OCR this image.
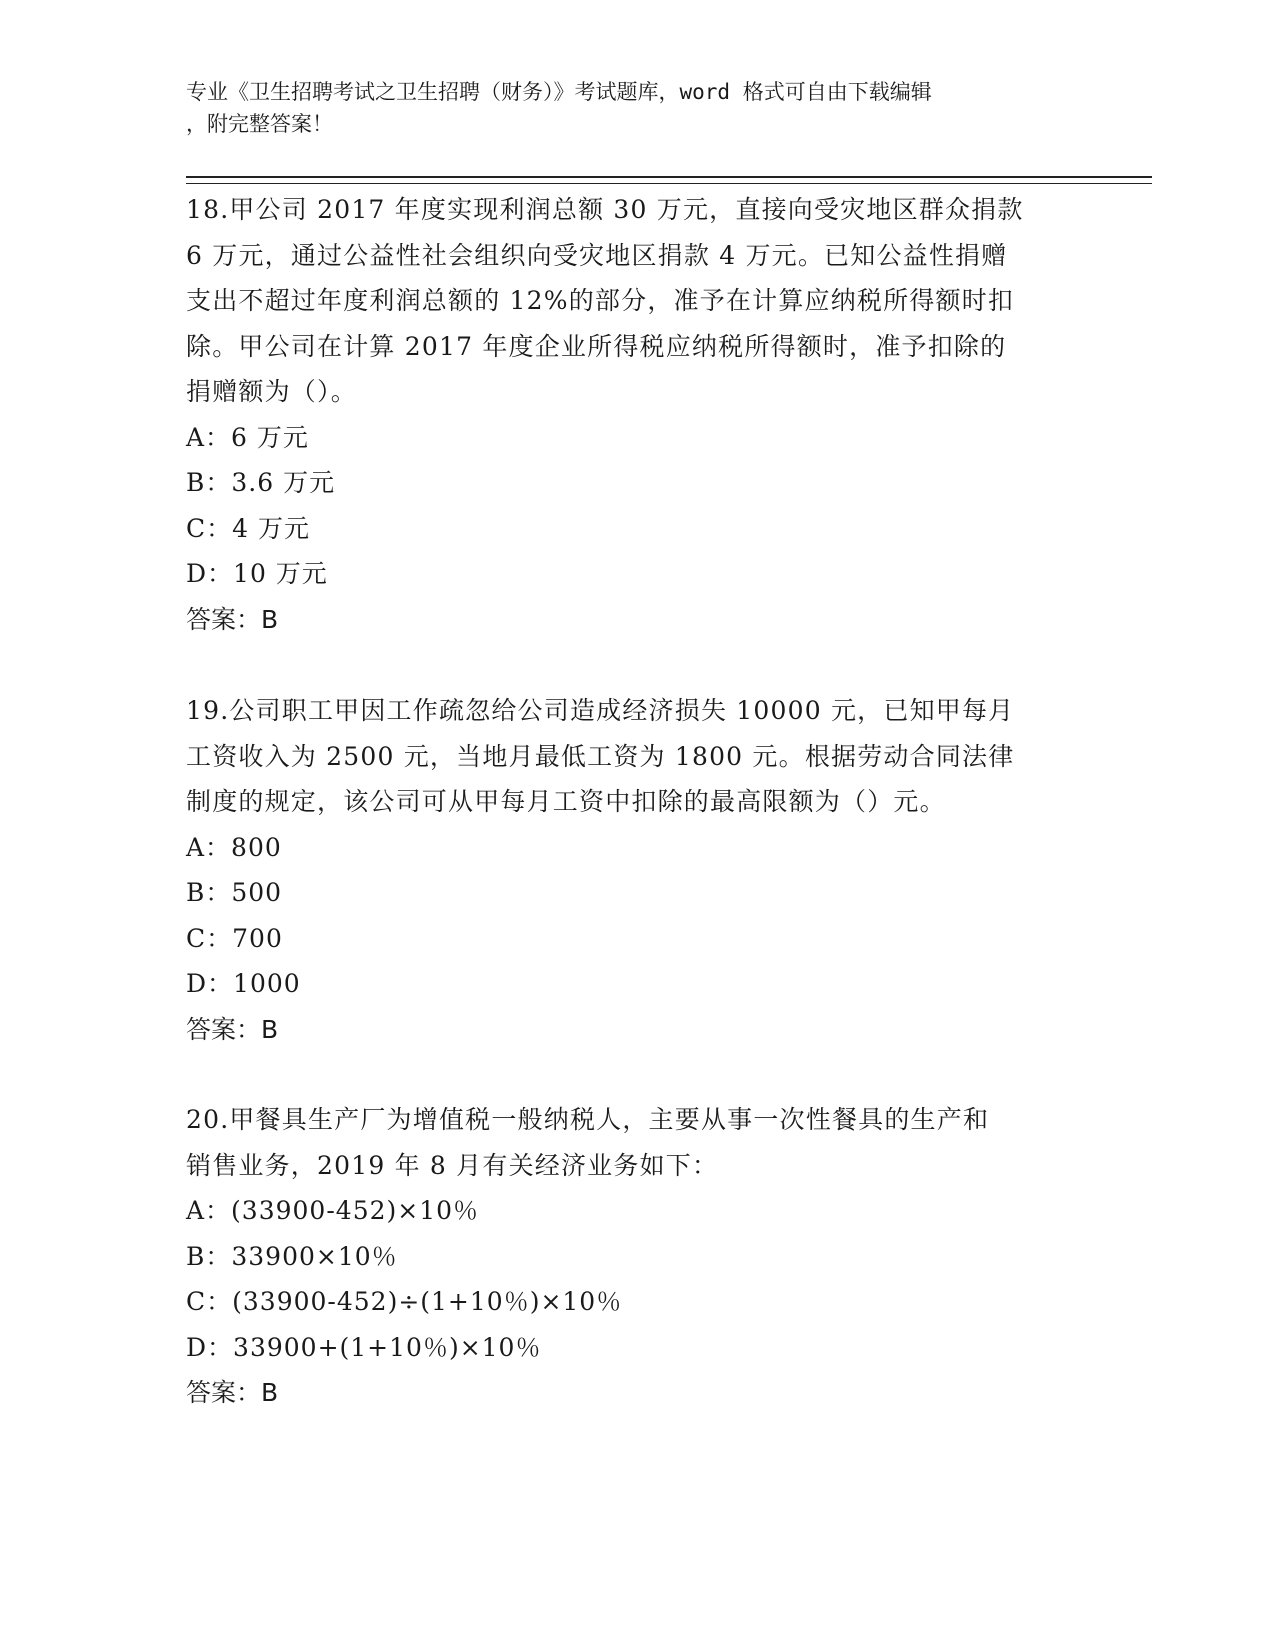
专业《卫生招聘考试之卫生招聘（财务）》考试题库，word 格式可自由下载编辑
，附完整答案！

18.甲公司 2017 年度实现利润总额 30 万元，直接向受灾地区群众捐款

6 万元，通过公益性社会组织向受灾地区捐款 4 万元。已知公益性捐赠

支出不超过年度利润总额的 12%的部分，准予在计算应纳税所得额时扣

除。甲公司在计算 2017 年度企业所得税应纳税所得额时，准予扣除的

捐赠额为（）。

A：6 万元

B：3.6 万元

C：4 万元

D：10 万元

答案：B

19.公司职工甲因工作疏忽给公司造成经济损失 10000 元，已知甲每月

工资收入为 2500 元，当地月最低工资为 1800 元。根据劳动合同法律

制度的规定，该公司可从甲每月工资中扣除的最高限额为（）元。

A：800

B：500

C：700

D：1000

答案：B

20.甲餐具生产厂为增值税一般纳税人，主要从事一次性餐具的生产和

销售业务，2019 年 8 月有关经济业务如下：

A：(33900-452)×10％

B：33900×10％

C：(33900-452)÷(1+10％)×10％

D：33900+(1+10％)×10％

答案：B
